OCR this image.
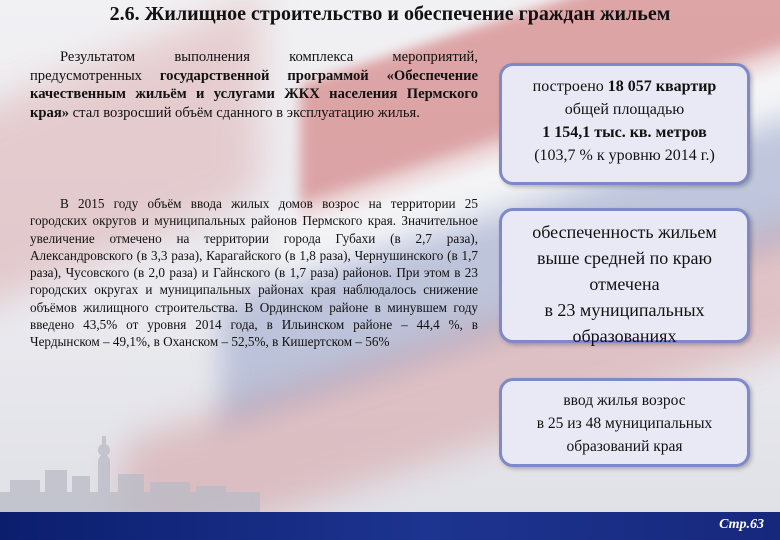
Стр.63
2.6. Жилищное строительство и обеспечение граждан жильем
Результатом выполнения комплекса мероприятий, предусмотренных государственной программой «Обеспечение качественным жильём и услугами ЖКХ населения Пермского края» стал возросший объём сданного в эксплуатацию жилья.
В 2015 году объём ввода жилых домов возрос на территории 25 городских округов и муниципальных районов Пермского края. Значительное увеличение отмечено на территории города Губахи (в 2,7 раза), Александровского (в 3,3 раза), Карагайского (в 1,8 раза), Чернушинского (в 1,7 раза), Чусовского (в 2,0 раза) и Гайнского (в 1,7 раза) районов. При этом в 23 городских округах и муниципальных районах края наблюдалось снижение объёмов жилищного строительства. В Ординском районе в минувшем году введено 43,5% от уровня 2014 года, в Ильинском районе – 44,4 %, в Чердынском – 49,1%, в Оханском – 52,5%, в Кишертском – 56%
построено 18 057 квартир
общей площадью
1 154,1 тыс. кв. метров
(103,7 % к уровню 2014 г.)
обеспеченность жильем
выше средней по краю
отмечена
в 23 муниципальных
образованиях
ввод жилья возрос
в 25 из 48 муниципальных
образований края
